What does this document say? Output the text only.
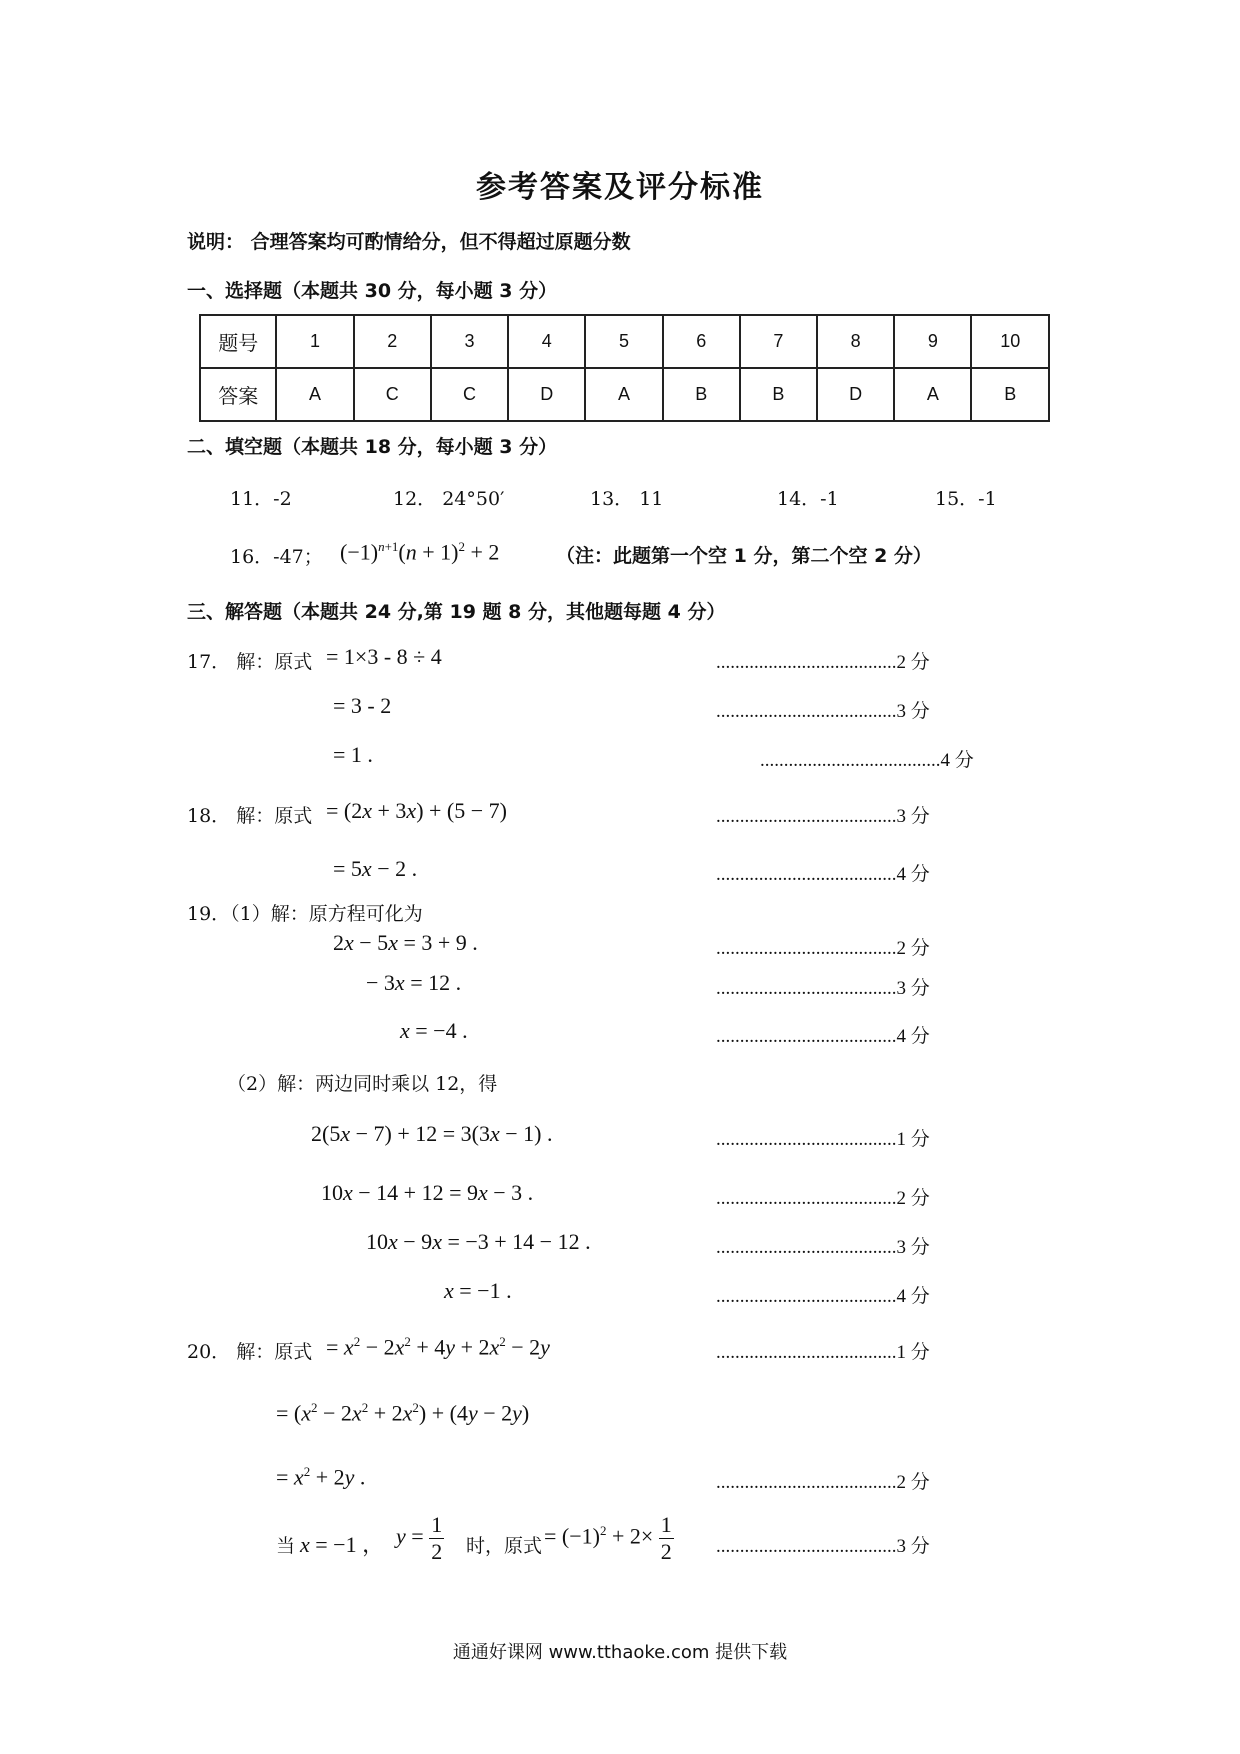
参考答案及评分标准
说明： 合理答案均可酌情给分，但不得超过原题分数
一、选择题（本题共 30 分，每小题 3 分）
题号	1	2	3	4	5	6	7	8	9	10
答案	A	C	C	D	A	B	B	D	A	B
二、填空题（本题共 18 分，每小题 3 分）
11．-2	12． 24°50′	13． 11	14．-1	15．-1
16．-47； $(-1)^{n+1}(n + 1)^2 + 2$	（注：此题第一个空 1 分，第二个空 2 分）
三、解答题（本题共 24 分,第 19 题 8 分，其他题每题 4 分）
17． 解：原式 = 1×3 - 8 ÷ 4	......................................2 分
= 3 - 2	......................................3 分
= 1 .	......................................4 分
18． 解：原式 = (2x + 3x) + (5 − 7)	......................................3 分
= 5x − 2 .	......................................4 分
19．（1）解：原方程可化为
2x − 5x = 3 + 9 .	......................................2 分
− 3x = 12 .	......................................3 分
x = −4 .	......................................4 分
（2）解：两边同时乘以 12，得
2(5x − 7) + 12 = 3(3x − 1) .	......................................1 分
10x − 14 + 12 = 9x − 3 .	......................................2 分
10x − 9x = −3 + 14 − 12 .	......................................3 分
x = −1 .	......................................4 分
20． 解：原式 = $x^2 - 2x^2 + 4y + 2x^2 - 2y$	......................................1 分
= $(x^2 - 2x^2 + 2x^2) + (4y - 2y)$
= $x^2 + 2y$ .	......................................2 分
当 x = −1 ， $y = \frac{1}{2}$ 时，原式 = $(-1)^2 + 2\times \frac{1}{2} ......................................3$ 分
通通好课网 www.tthaoke.com 提供下载
